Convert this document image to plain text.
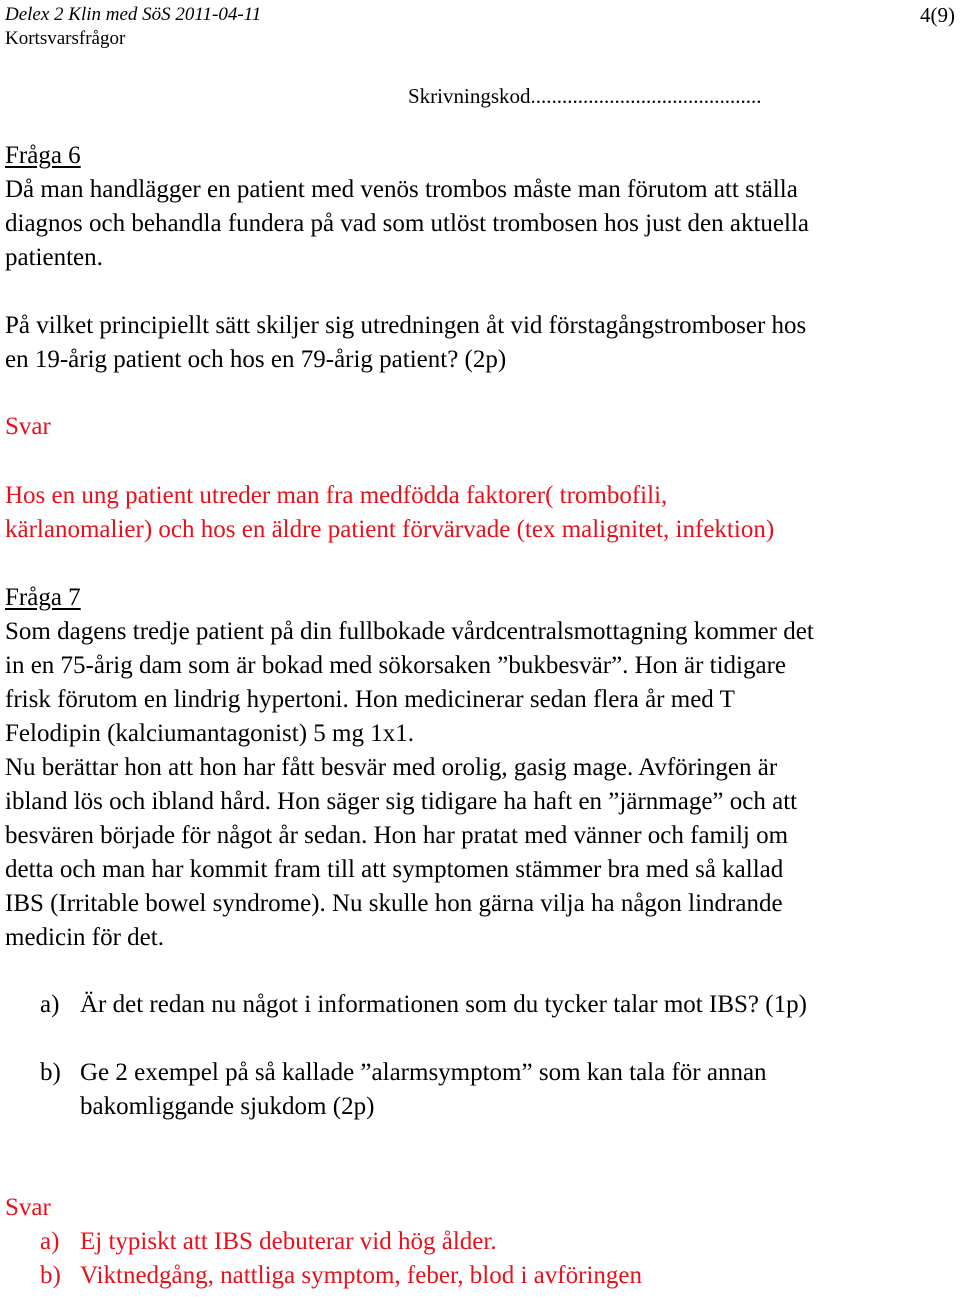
Delex 2 Klin med SöS 2011-04-11
Kortsvarsfrågor
4(9)
Skrivningskod............................................

Fråga 6

Då man handlägger en patient med venös trombos måste man förutom att ställa

diagnos och behandla fundera på vad som utlöst trombosen hos just den aktuella

patienten.

På vilket principiellt sätt skiljer sig utredningen åt vid förstagångstromboser hos

en 19-årig patient och hos en 79-årig patient? (2p)

Svar

Hos en ung patient utreder man fra medfödda faktorer( trombofili,

kärlanomalier) och hos en äldre patient förvärvade (tex malignitet, infektion)

Fråga 7

Som dagens tredje patient på din fullbokade vårdcentralsmottagning kommer det

in en 75-årig dam som är bokad med sökorsaken ”bukbesvär”. Hon är tidigare

frisk förutom en lindrig hypertoni. Hon medicinerar sedan flera år med T

Felodipin (kalciumantagonist) 5 mg 1x1.

Nu berättar hon att hon har fått besvär med orolig, gasig mage. Avföringen är

ibland lös och ibland hård. Hon säger sig tidigare ha haft en ”järnmage” och att

besvären började för något år sedan. Hon har pratat med vänner och familj om

detta och man har kommit fram till att symptomen stämmer bra med så kallad

IBS (Irritable bowel syndrome). Nu skulle hon gärna vilja ha någon lindrande

medicin för det.

a) Är det redan nu något i informationen som du tycker talar mot IBS? (1p)
b) Ge 2 exempel på så kallade ”alarmsymptom” som kan tala för annan
bakomliggande sjukdom (2p)

Svar

a) Ej typiskt att IBS debuterar vid hög ålder.
b) Viktnedgång, nattliga symptom, feber, blod i avföringen
